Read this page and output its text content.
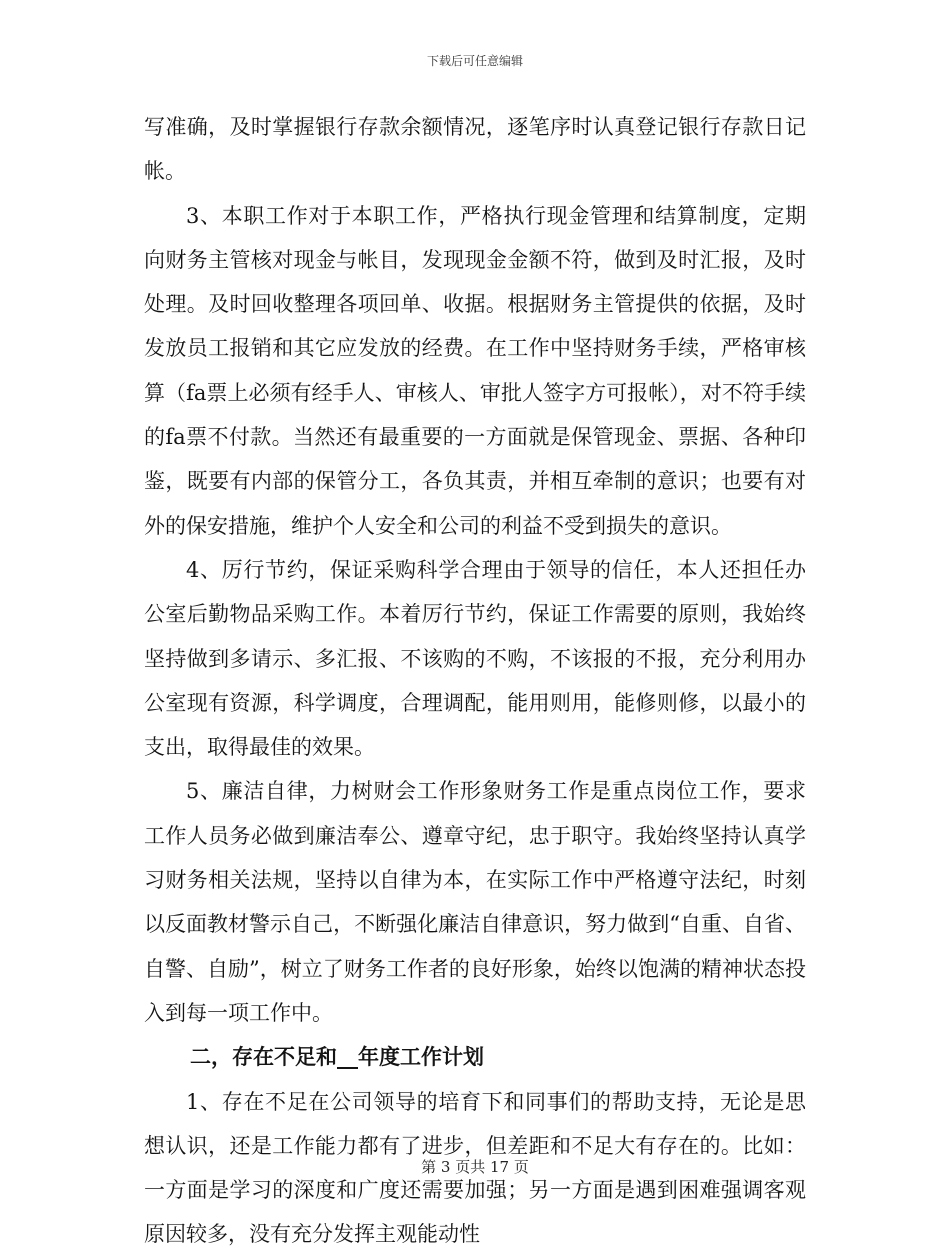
下载后可任意编辑

写准确，及时掌握银行存款余额情况，逐笔序时认真登记银行存款日记帐。

3、本职工作对于本职工作，严格执行现金管理和结算制度，定期向财务主管核对现金与帐目，发现现金金额不符，做到及时汇报，及时处理。及时回收整理各项回单、收据。根据财务主管提供的依据，及时发放员工报销和其它应发放的经费。在工作中坚持财务手续，严格审核算（fa票上必须有经手人、审核人、审批人签字方可报帐），对不符手续的fa票不付款。当然还有最重要的一方面就是保管现金、票据、各种印鉴，既要有内部的保管分工，各负其责，并相互牵制的意识；也要有对外的保安措施，维护个人安全和公司的利益不受到损失的意识。

4、厉行节约，保证采购科学合理由于领导的信任，本人还担任办公室后勤物品采购工作。本着厉行节约，保证工作需要的原则，我始终坚持做到多请示、多汇报、不该购的不购，不该报的不报，充分利用办公室现有资源，科学调度，合理调配，能用则用，能修则修，以最小的支出，取得最佳的效果。

5、廉洁自律，力树财会工作形象财务工作是重点岗位工作，要求工作人员务必做到廉洁奉公、遵章守纪，忠于职守。我始终坚持认真学习财务相关法规，坚持以自律为本，在实际工作中严格遵守法纪，时刻以反面教材警示自己，不断强化廉洁自律意识，努力做到“自重、自省、自警、自励”，树立了财务工作者的良好形象，始终以饱满的精神状态投入到每一项工作中。

二，存在不足和__年度工作计划

1、存在不足在公司领导的培育下和同事们的帮助支持，无论是思想认识，还是工作能力都有了进步，但差距和不足大有存在的。比如：一方面是学习的深度和广度还需要加强；另一方面是遇到困难强调客观原因较多，没有充分发挥主观能动性

第 3 页共 17 页
